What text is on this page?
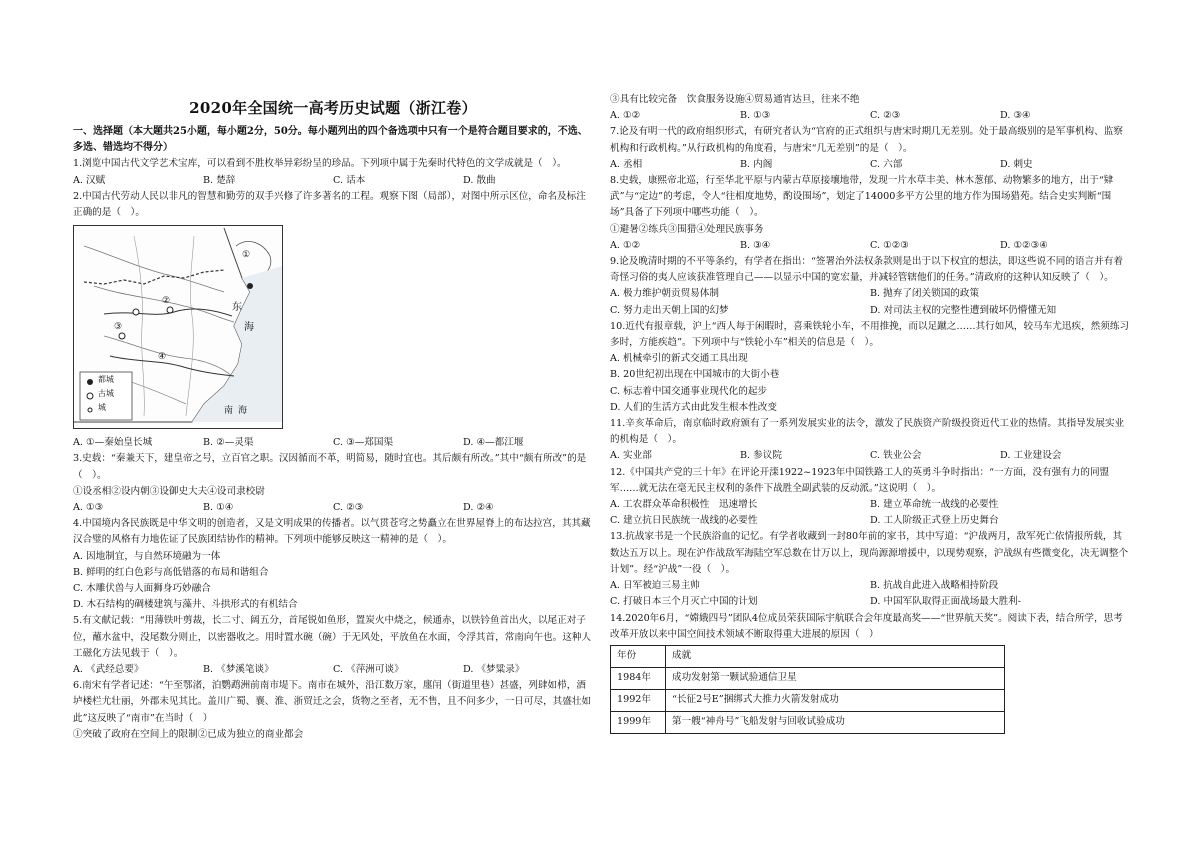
2020年全国统一高考历史试题（浙江卷）
一、选择题（本大题共25小题，每小题2分，50分。每小题列出的四个备选项中只有一个是符合题目要求的，不选、多选、错选均不得分）
1.浏览中国古代文学艺术宝库，可以看到不胜枚举异彩纷呈的珍品。下列项中属于先秦时代特色的文学成就是（　）。
A. 汉赋	B. 楚辞	C. 话本	D. 散曲
2.中国古代劳动人民以非凡的智慧和勤劳的双手兴修了许多著名的工程。观察下图（局部），对图中所示区位，命名及标注正确的是（　）。
都城
古城
城
东
海
南 海
①
②
③
④
A. ①—秦始皇长城	B. ②—灵渠	C. ③—郑国渠	D. ④—都江堰
3.史载：“秦兼天下，建皇帝之号，立百官之职。汉因循而不革，明简易，随时宜也。其后颇有所改。”其中“颇有所改”的是（　）。
①设丞相②设内朝③设御史大夫④设司隶校尉
A. ①③	B. ①④	C. ②③	D. ②④
4.中国境内各民族既是中华文明的创造者，又是文明成果的传播者。以气贯苍穹之势矗立在世界屋脊上的布达拉宫，其其藏汉合璧的风格有力地佐证了民族团结协作的精神。下列项中能够反映这一精神的是（　）。
A. 因地制宜，与自然环境融为一体
B. 鲜明的红白色彩与高低错落的布局和谐组合
C. 木雕伏兽与人面狮身巧妙融合
D. 木石结构的碉楼建筑与藻井、斗拱形式的有机结合
5.有文献记载：“用薄铁叶剪裁，长二寸、阔五分，首尾锐如鱼形，置炭火中烧之，候通赤，以铁钤鱼首出火，以尾正对子位，蘸水盆中，没尾数分则止，以密器收之。用时置水碗（碗）于无风处，平放鱼在水面，令浮其首，常南向午也。这种人工磁化方法见载于（　）。
A. 《武经总要》	B. 《梦溪笔谈》	C. 《萍洲可谈》	D. 《梦粱录》
6.南宋有学者记述：“午至鄂渚，泊鹦鹉洲前南市堤下。南市在城外，沿江数万家，廛闬（街道里巷）甚盛，列肆如栉，酒垆楼栏尤壮丽，外郡未见其比。盖川广蜀、襄、淮、浙贸迁之会，货物之至者，无不售，且不问多少，一日可尽，其盛壮如此”这反映了“南市”在当时（　）
①突破了政府在空间上的限制②已成为独立的商业都会
③具有比较完备　饮食服务设施④贸易通宵达旦，往来不绝
A. ①②	B. ①③	C. ②③	D. ③④
7.论及有明一代的政府组织形式，有研究者认为“官府的正式组织与唐宋时期几无差别。处于最高级别的是军事机构、监察机构和行政机构。”从行政机构的角度看，与唐宋“几无差别”的是（　）。
A. 丞相	B. 内阁	C. 六部	D. 刺史
8.史载，康熙帝北巡，行至华北平原与内蒙古草原接壤地带，发现一片水草丰美、林木葱郁、动物繁多的地方，出于“肄武”与“定边”的考虑，令人“往相度地势，酌设围场”，划定了14000多平方公里的地方作为围场猎苑。结合史实判断“围场”具备了下列项中哪些功能（　）。
①避暑②练兵③围猎④处理民族事务
A. ①②	B. ③④	C. ①②③	D. ①②③④
9.论及晚清时期的不平等条约，有学者在指出：“签署治外法权条款则是出于以下权宜的想法，即这些说不同的语言并有着奇怪习俗的夷人应该获准管理自己——以显示中国的宽宏量，并减轻管辖他们的任务。”清政府的这种认知反映了（　）。
A. 极力维护朝贡贸易体制	B. 抛弃了闭关锁国的政策
C. 努力走出天朝上国的幻梦	D. 对司法主权的完整性遭到破坏仍懵懂无知
10.近代有报章载，沪上“西人每于闲暇时，喜乘铁轮小车，不用推挽，而以足蹴之……其行如风，较马车尤迅疾，然须练习多时，方能疾趋”。下列项中与“铁轮小车”相关的信息是（　）。
A. 机械牵引的新式交通工具出现
B. 20世纪初出现在中国城市的大街小巷
C. 标志着中国交通事业现代化的起步
D. 人们的生活方式由此发生根本性改变
11.辛亥革命后，南京临时政府颁有了一系列发展实业的法令，激发了民族资产阶级投资近代工业的热情。其指导发展实业的机构是（　）。
A. 实业部	B. 参议院	C. 铁业公会	D. 工业建设会
12.《中国共产党的三十年》在评论开滦1922~1923年中国铁路工人的英勇斗争时指出：“一方面，没有强有力的同盟军……就无法在毫无民主权利的条件下战胜全副武装的反动派。”这说明（　）。
A. 工农群众革命积极性　迅速增长	B. 建立革命统一战线的必要性
C. 建立抗日民族统一战线的必要性	D. 工人阶级正式登上历史舞台
13.抗战家书是一个民族浴血的记忆。有学者收藏到一封80年前的家书，其中写道：“沪战两月，敌军死亡依情报所载，其数达五万以上。现在沪作战敌军海陆空军总数在廿万以上，现尚源源增援中，以现势观察，沪战纵有些微变化，决无调整个计划”。经“沪战”一役（　）。
A. 日军被迫三易主帅	B. 抗战自此进入战略相持阶段
C. 打破日本三个月灭亡中国的计划	D. 中国军队取得正面战场最大胜利-
14.2020年6月，“嫦娥四号”团队4位成员荣获国际宇航联合会年度最高奖——“世界航天奖”。阅读下表，结合所学，思考改革开放以来中国空间技术领域不断取得重大进展的原因（　）
年份	成就
1984年	成功发射第一颗试验通信卫星
1992年	“长征2号E”捆绑式大推力火箭发射成功
1999年	第一艘“神舟号”飞船发射与回收试验成功
